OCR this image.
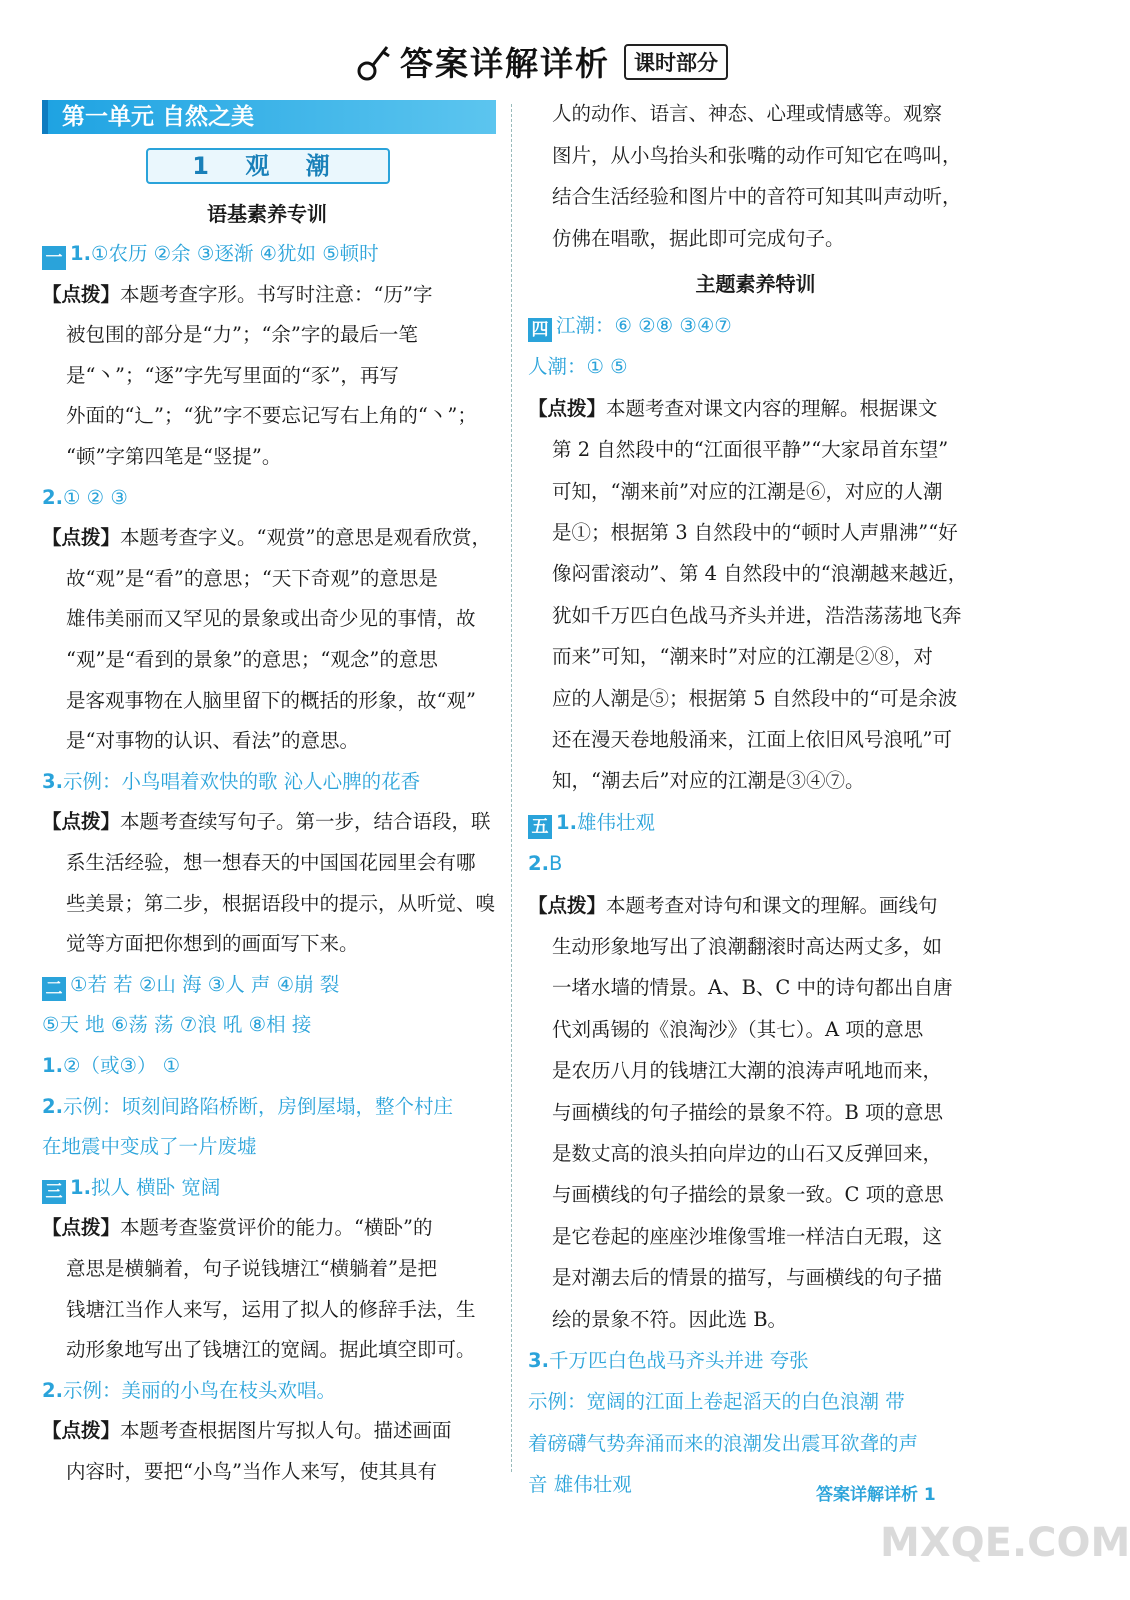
答案详解详析	课时部分
第一单元 自然之美
1 观 潮
语基素养专训
一 1.①农历 ②余 ③逐渐 ④犹如 ⑤顿时
【点拨】本题考查字形。书写时注意：“历”字
被包围的部分是“力”；“余”字的最后一笔
是“丶”；“逐”字先写里面的“豕”，再写
外面的“辶”；“犹”字不要忘记写右上角的“丶”；
“顿”字第四笔是“竖提”。
2.① ② ③
【点拨】本题考查字义。“观赏”的意思是观看欣赏，
故“观”是“看”的意思；“天下奇观”的意思是
雄伟美丽而又罕见的景象或出奇少见的事情，故
“观”是“看到的景象”的意思；“观念”的意思
是客观事物在人脑里留下的概括的形象，故“观”
是“对事物的认识、看法”的意思。
3.示例：小鸟唱着欢快的歌 沁人心脾的花香
【点拨】本题考查续写句子。第一步，结合语段，联
系生活经验，想一想春天的中国国花园里会有哪
些美景；第二步，根据语段中的提示，从听觉、嗅
觉等方面把你想到的画面写下来。
二 ①若 若 ②山 海 ③人 声 ④崩 裂
⑤天 地 ⑥荡 荡 ⑦浪 吼 ⑧相 接
1.②（或③） ①
2.示例：顷刻间路陷桥断，房倒屋塌，整个村庄
在地震中变成了一片废墟
三 1.拟人 横卧 宽阔
【点拨】本题考查鉴赏评价的能力。“横卧”的
意思是横躺着，句子说钱塘江“横躺着”是把
钱塘江当作人来写，运用了拟人的修辞手法，生
动形象地写出了钱塘江的宽阔。据此填空即可。
2.示例：美丽的小鸟在枝头欢唱。
【点拨】本题考查根据图片写拟人句。描述画面
内容时，要把“小鸟”当作人来写，使其具有
人的动作、语言、神态、心理或情感等。观察
图片，从小鸟抬头和张嘴的动作可知它在鸣叫，
结合生活经验和图片中的音符可知其叫声动听，
仿佛在唱歌，据此即可完成句子。
主题素养特训
四 江潮：⑥ ②⑧ ③④⑦
人潮：① ⑤
【点拨】本题考查对课文内容的理解。根据课文
第 2 自然段中的“江面很平静”“大家昂首东望”
可知，“潮来前”对应的江潮是⑥，对应的人潮
是①；根据第 3 自然段中的“顿时人声鼎沸”“好
像闷雷滚动”、第 4 自然段中的“浪潮越来越近，
犹如千万匹白色战马齐头并进，浩浩荡荡地飞奔
而来”可知，“潮来时”对应的江潮是②⑧，对
应的人潮是⑤；根据第 5 自然段中的“可是余波
还在漫天卷地般涌来，江面上依旧风号浪吼”可
知，“潮去后”对应的江潮是③④⑦。
五 1.雄伟壮观
2.B
【点拨】本题考查对诗句和课文的理解。画线句
生动形象地写出了浪潮翻滚时高达两丈多，如
一堵水墙的情景。A、B、C 中的诗句都出自唐
代刘禹锡的《浪淘沙》（其七）。A 项的意思
是农历八月的钱塘江大潮的浪涛声吼地而来，
与画横线的句子描绘的景象不符。B 项的意思
是数丈高的浪头拍向岸边的山石又反弹回来，
与画横线的句子描绘的景象一致。C 项的意思
是它卷起的座座沙堆像雪堆一样洁白无瑕，这
是对潮去后的情景的描写，与画横线的句子描
绘的景象不符。因此选 B。
3.千万匹白色战马齐头并进 夸张
示例：宽阔的江面上卷起滔天的白色浪潮 带
着磅礴气势奔涌而来的浪潮发出震耳欲聋的声
音 雄伟壮观	答案详解详析 1
MXQE.COM
